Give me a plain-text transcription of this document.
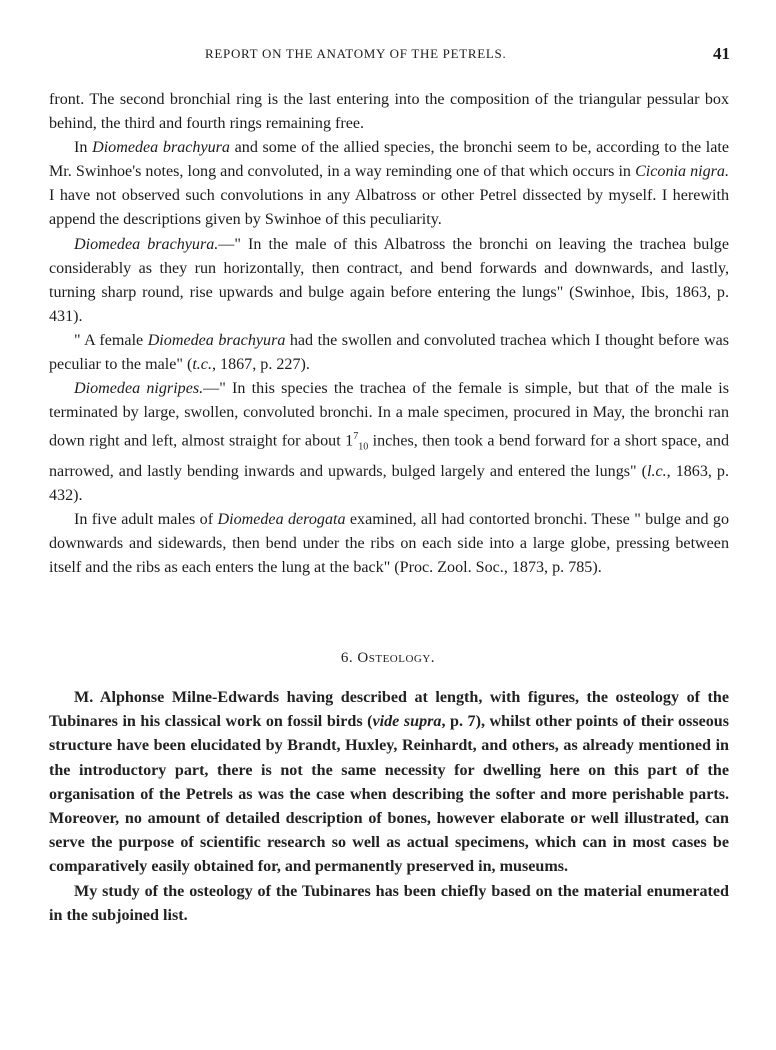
REPORT ON THE ANATOMY OF THE PETRELS.	41

front. The second bronchial ring is the last entering into the composition of the triangular pessular box behind, the third and fourth rings remaining free.

In Diomedea brachyura and some of the allied species, the bronchi seem to be, according to the late Mr. Swinhoe's notes, long and convoluted, in a way reminding one of that which occurs in Ciconia nigra. I have not observed such convolutions in any Albatross or other Petrel dissected by myself. I herewith append the descriptions given by Swinhoe of this peculiarity.

Diomedea brachyura.—" In the male of this Albatross the bronchi on leaving the trachea bulge considerably as they run horizontally, then contract, and bend forwards and downwards, and lastly, turning sharp round, rise upwards and bulge again before entering the lungs" (Swinhoe, Ibis, 1863, p. 431).

" A female Diomedea brachyura had the swollen and convoluted trachea which I thought before was peculiar to the male" (t.c., 1867, p. 227).

Diomedea nigripes.—" In this species the trachea of the female is simple, but that of the male is terminated by large, swollen, convoluted bronchi. In a male specimen, procured in May, the bronchi ran down right and left, almost straight for about $1^7_{10}$ inches, then took a bend forward for a short space, and narrowed, and lastly bending inwards and upwards, bulged largely and entered the lungs" (l.c., 1863, p. 432).

In five adult males of Diomedea derogata examined, all had contorted bronchi. These " bulge and go downwards and sidewards, then bend under the ribs on each side into a large globe, pressing between itself and the ribs as each enters the lung at the back" (Proc. Zool. Soc., 1873, p. 785).

6. Osteology.

M. Alphonse Milne-Edwards having described at length, with figures, the osteology of the Tubinares in his classical work on fossil birds (vide supra, p. 7), whilst other points of their osseous structure have been elucidated by Brandt, Huxley, Reinhardt, and others, as already mentioned in the introductory part, there is not the same necessity for dwelling here on this part of the organisation of the Petrels as was the case when describing the softer and more perishable parts. Moreover, no amount of detailed description of bones, however elaborate or well illustrated, can serve the purpose of scientific research so well as actual specimens, which can in most cases be comparatively easily obtained for, and permanently preserved in, museums.

My study of the osteology of the Tubinares has been chiefly based on the material enumerated in the subjoined list.
